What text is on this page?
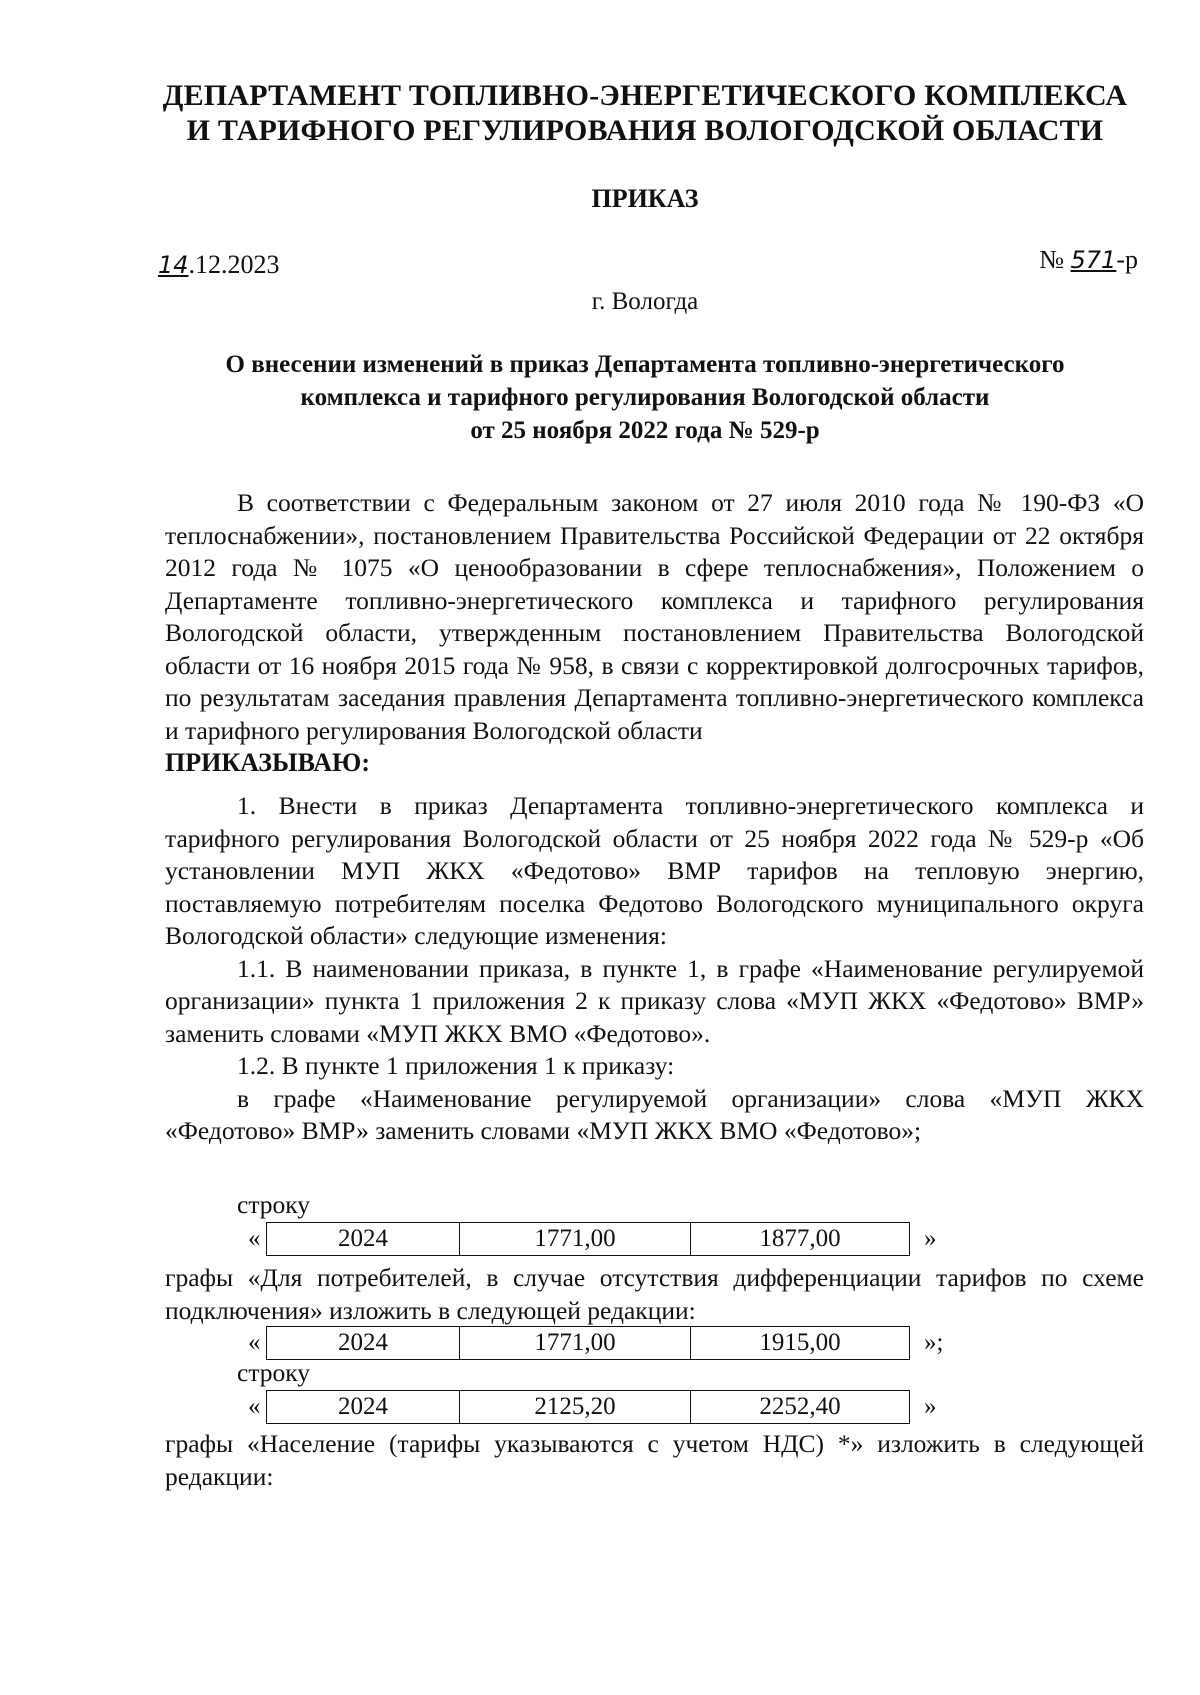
ДЕПАРТАМЕНТ ТОПЛИВНО-ЭНЕРГЕТИЧЕСКОГО КОМПЛЕКСА
И ТАРИФНОГО РЕГУЛИРОВАНИЯ ВОЛОГОДСКОЙ ОБЛАСТИ
ПРИКАЗ
14.12.2023	№ 571-р
г. Вологда
О внесении изменений в приказ Департамента топливно-энергетического
комплекса и тарифного регулирования Вологодской области
от 25 ноября 2022 года № 529-р

В соответствии с Федеральным законом от 27 июля 2010 года № 190-ФЗ «О теплоснабжении», постановлением Правительства Российской Федерации от 22 октября 2012 года № 1075 «О ценообразовании в сфере теплоснабжения», Положением о Департаменте топливно-энергетического комплекса и тарифного регулирования Вологодской области, утвержденным постановлением Правительства Вологодской области от 16 ноября 2015 года № 958, в связи с корректировкой долгосрочных тарифов, по результатам заседания правления Департамента топливно-энергетического комплекса и тарифного регулирования Вологодской области

ПРИКАЗЫВАЮ:

1. Внести в приказ Департамента топливно-энергетического комплекса и тарифного регулирования Вологодской области от 25 ноября 2022 года № 529-р «Об установлении МУП ЖКХ «Федотово» ВМР тарифов на тепловую энергию, поставляемую потребителям поселка Федотово Вологодского муниципального округа Вологодской области» следующие изменения:

1.1. В наименовании приказа, в пункте 1, в графе «Наименование регулируемой организации» пункта 1 приложения 2 к приказу слова «МУП ЖКХ «Федотово» ВМР» заменить словами «МУП ЖКХ ВМО «Федотово».

1.2. В пункте 1 приложения 1 к приказу:

в графе «Наименование регулируемой организации» слова «МУП ЖКХ «Федотово» ВМР» заменить словами «МУП ЖКХ ВМО «Федотово»;

строку
«	2024	1771,00	1877,00	»

графы «Для потребителей, в случае отсутствия дифференциации тарифов по схеме подключения» изложить в следующей редакции:

«	2024	1771,00	1915,00	»;
строку
«	2024	2125,20	2252,40	»

графы «Население (тарифы указываются с учетом НДС) *» изложить в следующей редакции:
